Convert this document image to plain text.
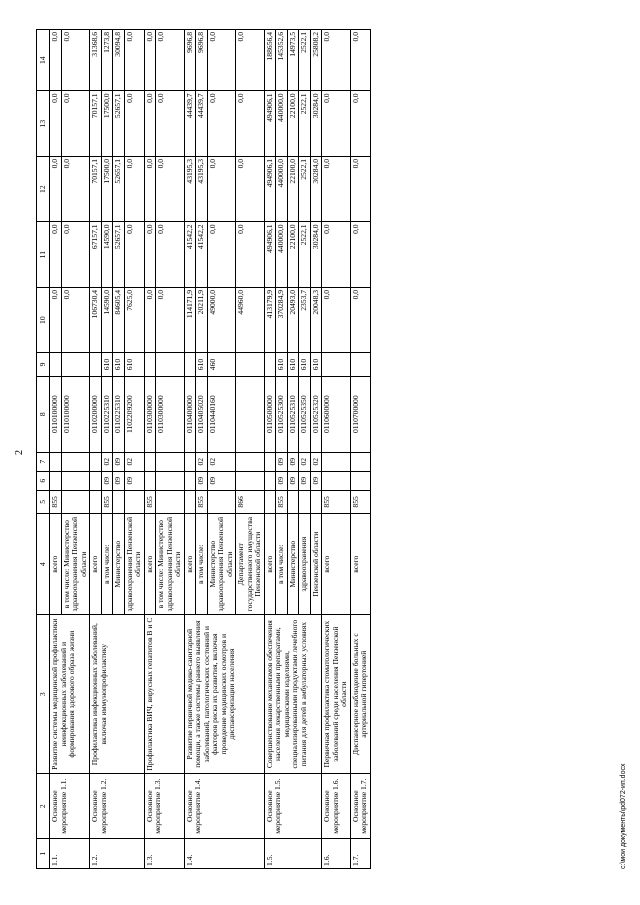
2
1	2	3	4	5	6	7	8	9	10	11	12	13	14
1.1.	Основное мероприятие 1.1.	Развитие системы медицинской профилактики неинфекционных заболеваний и формирования здорового образа жизни	всего	855			0110100000		0,0	0,0	0,0	0,0	0,0
			в том числе: Министерство здравоохранения Пензенской области				0110100000		0,0	0,0	0,0	0,0	0,0
1.2.	Основное мероприятие 1.2.	Профилактика инфекционных заболеваний, включая иммунопрофилактику	всего				0110200000		106730,4	67157,1	70157,1	70157,1	31368,6
			в том числе:	855	09	02	0110225310	610	14590,0	14590,0	17500,0	17500,0	1273,8
			Министерство		09	09	0110225310	610	84605,4	52657,1	52657,1	52657,1	30094,8
			здравоохранения Пензенской области		09	02	1102209200	610	7625,0	0,0	0,0	0,0	0,0
1.3.	Основное мероприятие 1.3.	Профилактика ВИЧ, вирусных гепатитов В и С	всего	855			0110300000		0,0	0,0	0,0	0,0	0,0
			в том числе: Министерство здравоохранения Пензенской области				0110300000		0,0	0,0	0,0	0,0	0,0
1.4.	Основное мероприятие 1.4.	Развитие первичной медико-санитарной помощи, а также системы раннего выявления заболеваний, патологических состояний и факторов риска их развития, включая проведение медицинских осмотров и диспансеризации населения	всего				0110400000		114171,9	41542,2	43195,3	44439,7	9696,8
			в том числе:	855	09	02	0110405020	610	20211,9	41542,2	43195,3	44439,7	9696,8
			Министерство здравоохранения Пензенской области		09	02	0110440160	460	49000,0	0,0	0,0	0,0	0,0
			Департамент государственного имущества Пензенской области	866					44960,0	0,0	0,0	0,0	0,0
1.5.	Основное мероприятие 1.5.	Совершенствование механизмов обеспечения населения лекарственными препаратами, медицинскими изделиями, специализированными продуктами лечебного питания для детей в амбулаторных условиях	всего				0110500000		413179,9	494906,1	494906,1	494906,1	188656,4
			в том числе:	855	09	09	0110525300	610	370284,9	440000,0	440000,0	440000,0	145352,6
			Министерство		09	09	0110525310	610	20493,0	22100,0	22100,0	22100,0	14973,5
			здравоохранения		09	02	0110525350	610	2353,7	2522,1	2522,1	2522,1	2522,1
			Пензенской области		09	02	0110525320	610	20048,3	30284,0	30284,0	30284,0	25808,2
1.6.	Основное мероприятие 1.6.	Первичная профилактика стоматологических заболеваний среди населения Пензенской области	всего	855			0110600000		0,0	0,0	0,0	0,0	0,0
1.7.	Основное мероприятие 1.7.	Диспансерное наблюдение больных с артериальной гипертонией	всего	855			0110700000		0,0	0,0	0,0	0,0	0,0
c:\мои документы\pd072-ип.docx
